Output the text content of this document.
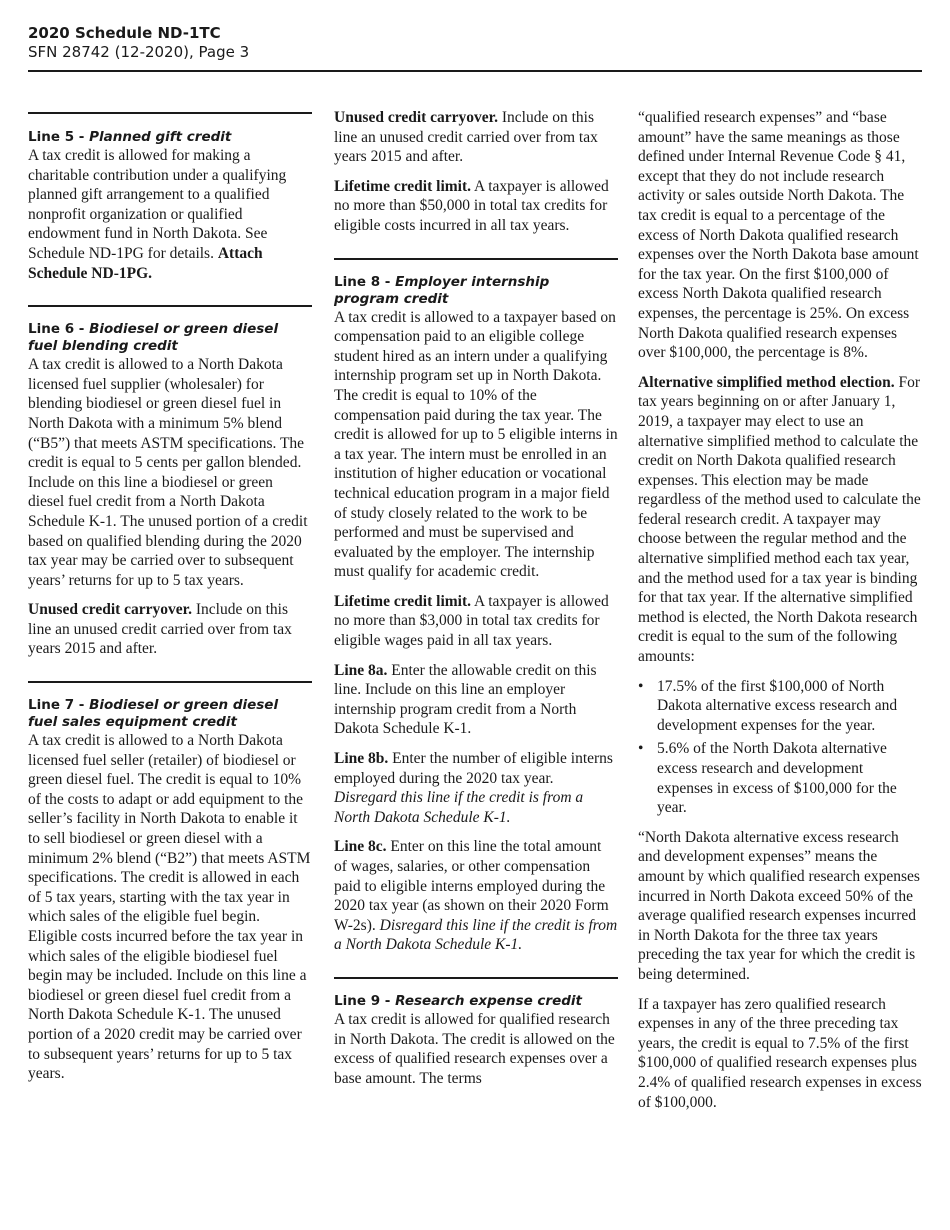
2020 Schedule ND-1TC
SFN 28742 (12-2020), Page 3
Line 5 - Planned gift credit

A tax credit is allowed for making a charitable contribution under a qualifying planned gift arrangement to a qualified nonprofit organization or qualified endowment fund in North Dakota. See Schedule ND-1PG for details. Attach Schedule ND-1PG.

Line 6 - Biodiesel or green diesel fuel blending credit

A tax credit is allowed to a North Dakota licensed fuel supplier (wholesaler) for blending biodiesel or green diesel fuel in North Dakota with a minimum 5% blend (“B5”) that meets ASTM specifications. The credit is equal to 5 cents per gallon blended. Include on this line a biodiesel or green diesel fuel credit from a North Dakota Schedule K-1. The unused portion of a credit based on qualified blending during the 2020 tax year may be carried over to subsequent years’ returns for up to 5 tax years.

Unused credit carryover. Include on this line an unused credit carried over from tax years 2015 and after.

Line 7 - Biodiesel or green diesel fuel sales equipment credit

A tax credit is allowed to a North Dakota licensed fuel seller (retailer) of biodiesel or green diesel fuel. The credit is equal to 10% of the costs to adapt or add equipment to the seller’s facility in North Dakota to enable it to sell biodiesel or green diesel with a minimum 2% blend (“B2”) that meets ASTM specifications. The credit is allowed in each of 5 tax years, starting with the tax year in which sales of the eligible fuel begin. Eligible costs incurred before the tax year in which sales of the eligible biodiesel fuel begin may be included. Include on this line a biodiesel or green diesel fuel credit from a North Dakota Schedule K-1. The unused portion of a 2020 credit may be carried over to subsequent years’ returns for up to 5 tax years.

Unused credit carryover. Include on this line an unused credit carried over from tax years 2015 and after.

Lifetime credit limit. A taxpayer is allowed no more than $50,000 in total tax credits for eligible costs incurred in all tax years.

Line 8 - Employer internship program credit

A tax credit is allowed to a taxpayer based on compensation paid to an eligible college student hired as an intern under a qualifying internship program set up in North Dakota. The credit is equal to 10% of the compensation paid during the tax year. The credit is allowed for up to 5 eligible interns in a tax year. The intern must be enrolled in an institution of higher education or vocational technical education program in a major field of study closely related to the work to be performed and must be supervised and evaluated by the employer. The internship must qualify for academic credit.

Lifetime credit limit. A taxpayer is allowed no more than $3,000 in total tax credits for eligible wages paid in all tax years.

Line 8a. Enter the allowable credit on this line. Include on this line an employer internship program credit from a North Dakota Schedule K-1.

Line 8b. Enter the number of eligible interns employed during the 2020 tax year. Disregard this line if the credit is from a North Dakota Schedule K-1.

Line 8c. Enter on this line the total amount of wages, salaries, or other compensation paid to eligible interns employed during the 2020 tax year (as shown on their 2020 Form W-2s). Disregard this line if the credit is from a North Dakota Schedule K-1.

Line 9 - Research expense credit

A tax credit is allowed for qualified research in North Dakota. The credit is allowed on the excess of qualified research expenses over a base amount. The terms

“qualified research expenses” and “base amount” have the same meanings as those defined under Internal Revenue Code § 41, except that they do not include research activity or sales outside North Dakota. The tax credit is equal to a percentage of the excess of North Dakota qualified research expenses over the North Dakota base amount for the tax year. On the first $100,000 of excess North Dakota qualified research expenses, the percentage is 25%. On excess North Dakota qualified research expenses over $100,000, the percentage is 8%.

Alternative simplified method election. For tax years beginning on or after January 1, 2019, a taxpayer may elect to use an alternative simplified method to calculate the credit on North Dakota qualified research expenses. This election may be made regardless of the method used to calculate the federal research credit. A taxpayer may choose between the regular method and the alternative simplified method each tax year, and the method used for a tax year is binding for that tax year. If the alternative simplified method is elected, the North Dakota research credit is equal to the sum of the following amounts:

• 17.5% of the first $100,000 of North Dakota alternative excess research and development expenses for the year.
• 5.6% of the North Dakota alternative excess research and development expenses in excess of $100,000 for the year.

“North Dakota alternative excess research and development expenses” means the amount by which qualified research expenses incurred in North Dakota exceed 50% of the average qualified research expenses incurred in North Dakota for the three tax years preceding the tax year for which the credit is being determined.

If a taxpayer has zero qualified research expenses in any of the three preceding tax years, the credit is equal to 7.5% of the first $100,000 of qualified research expenses plus 2.4% of qualified research expenses in excess of $100,000.
